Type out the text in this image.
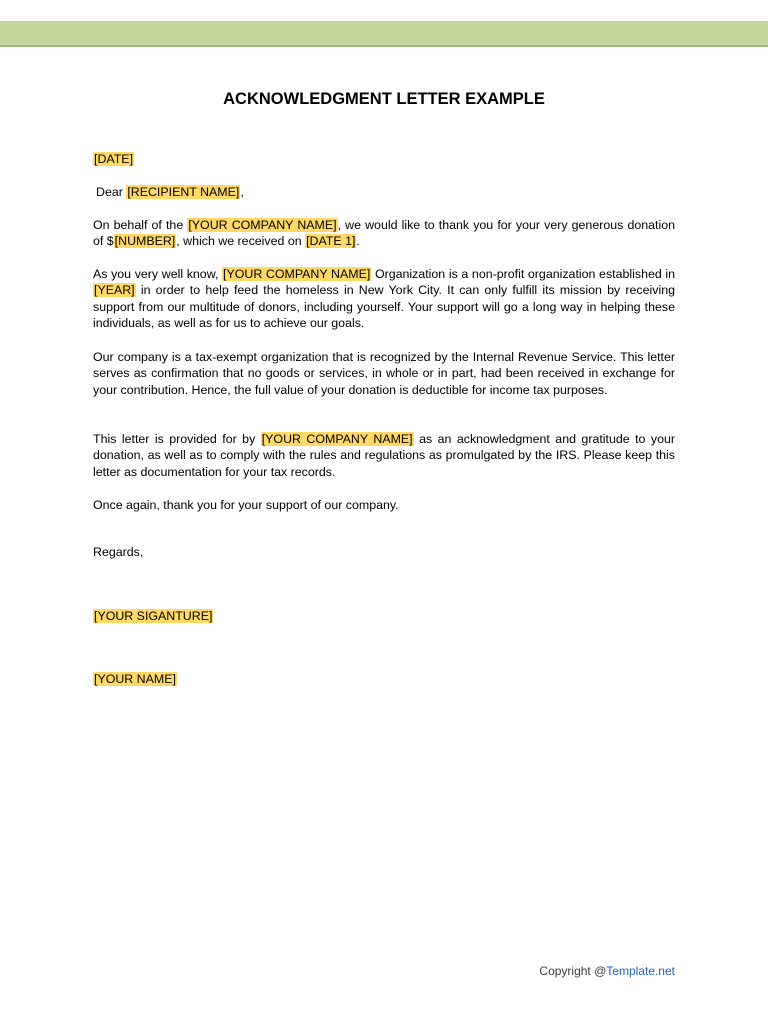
ACKNOWLEDGMENT LETTER EXAMPLE
[DATE]
Dear [RECIPIENT NAME],
On behalf of the [YOUR COMPANY NAME], we would like to thank you for your very generous donation of $[NUMBER], which we received on [DATE 1].
As you very well know, [YOUR COMPANY NAME] Organization is a non-profit organization established in [YEAR] in order to help feed the homeless in New York City. It can only fulfill its mission by receiving support from our multitude of donors, including yourself. Your support will go a long way in helping these individuals, as well as for us to achieve our goals.
Our company is a tax-exempt organization that is recognized by the Internal Revenue Service. This letter serves as confirmation that no goods or services, in whole or in part, had been received in exchange for your contribution. Hence, the full value of your donation is deductible for income tax purposes.
This letter is provided for by [YOUR COMPANY NAME] as an acknowledgment and gratitude to your donation, as well as to comply with the rules and regulations as promulgated by the IRS. Please keep this letter as documentation for your tax records.
Once again, thank you for your support of our company.
Regards,
[YOUR SIGANTURE]
[YOUR NAME]
Copyright @Template.net
